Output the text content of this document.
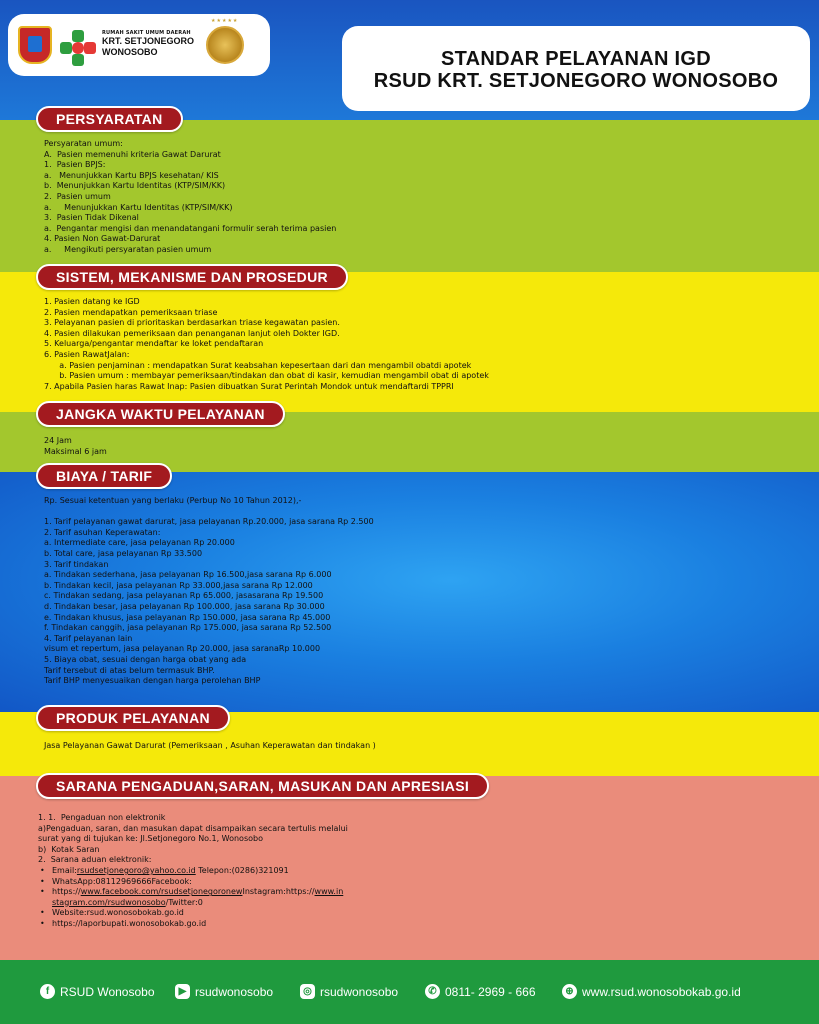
RUMAH SAKIT UMUM DAERAH
KRT. SETJONEGORO
WONOSOBO
★★★★★
STANDAR PELAYANAN IGD
RSUD KRT. SETJONEGORO WONOSOBO
PERSYARATAN
Persyaratan umum:
A.  Pasien memenuhi kriteria Gawat Darurat
1.  Pasien BPJS:
a.   Menunjukkan Kartu BPJS kesehatan/ KIS
b.  Menunjukkan Kartu Identitas (KTP/SIM/KK)
2.  Pasien umum
a.     Menunjukkan Kartu Identitas (KTP/SIM/KK)
3.  Pasien Tidak Dikenal
a.  Pengantar mengisi dan menandatangani formulir serah terima pasien
4. Pasien Non Gawat-Darurat
a.     Mengikuti persyaratan pasien umum
SISTEM, MEKANISME DAN PROSEDUR
1. Pasien datang ke IGD
2. Pasien mendapatkan pemeriksaan triase
3. Pelayanan pasien di prioritaskan berdasarkan triase kegawatan pasien.
4. Pasien dilakukan pemeriksaan dan penanganan lanjut oleh Dokter IGD.
5. Keluarga/pengantar mendaftar ke loket pendaftaran
6. Pasien RawatJalan:
a. Pasien penjaminan : mendapatkan Surat keabsahan kepesertaan dari dan mengambil obatdi apotek
b. Pasien umum : membayar pemeriksaan/tindakan dan obat di kasir, kemudian mengambil obat di apotek
7. Apabila Pasien haras Rawat Inap: Pasien dibuatkan Surat Perintah Mondok untuk mendaftardi TPPRI
JANGKA WAKTU PELAYANAN
24 Jam
Maksimal 6 jam
BIAYA / TARIF
Rp. Sesuai ketentuan yang berlaku (Perbup No 10 Tahun 2012),-

1. Tarif pelayanan gawat darurat, jasa pelayanan Rp.20.000, jasa sarana Rp 2.500
2. Tarif asuhan Keperawatan:
a. Intermediate care, jasa pelayanan Rp 20.000
b. Total care, jasa pelayanan Rp 33.500
3. Tarif tindakan
a. Tindakan sederhana, jasa pelayanan Rp 16.500,jasa sarana Rp 6.000
b. Tindakan kecil, jasa pelayanan Rp 33.000,jasa sarana Rp 12.000
c. Tindakan sedang, jasa pelayanan Rp 65.000, jasasarana Rp 19.500
d. Tindakan besar, jasa pelayanan Rp 100.000, jasa sarana Rp 30.000
e. Tindakan khusus, jasa pelayanan Rp 150.000, jasa sarana Rp 45.000
f. Tindakan canggih, jasa pelayanan Rp 175.000, jasa sarana Rp 52.500
4. Tarif pelayanan lain
visum et repertum, jasa pelayanan Rp 20.000, jasa saranaRp 10.000
5. Biaya obat, sesuai dengan harga obat yang ada
Tarif tersebut di atas belum termasuk BHP.
Tarif BHP menyesuaikan dengan harga perolehan BHP
PRODUK PELAYANAN
Jasa Pelayanan Gawat Darurat (Pemeriksaan , Asuhan Keperawatan dan tindakan )
SARANA PENGADUAN,SARAN, MASUKAN DAN APRESIASI
1. 1.  Pengaduan non elektronik
a)Pengaduan, saran, dan masukan dapat disampaikan secara tertulis melalui
surat yang di tujukan ke: Jl.Setjonegoro No.1, Wonosobo
b)  Kotak Saran
2.  Sarana aduan elektronik:
• Email:rsudsetjonegoro@yahoo.co.id Telepon:(0286)321091
• WhatsApp:08112969666Facebook:
• https://www.facebook.com/rsudsetjonegoronewInstagram:https://www.in
stagram.com/rsudwonosobo/Twitter:0
• Website:rsud.wonosobokab.go.id
• https://laporbupati.wonosobokab.go.id
f RSUD Wonosobo	▶ rsudwonosobo	◎ rsudwonosobo	✆ 0811- 2969 - 666	⊕ www.rsud.wonosobokab.go.id
